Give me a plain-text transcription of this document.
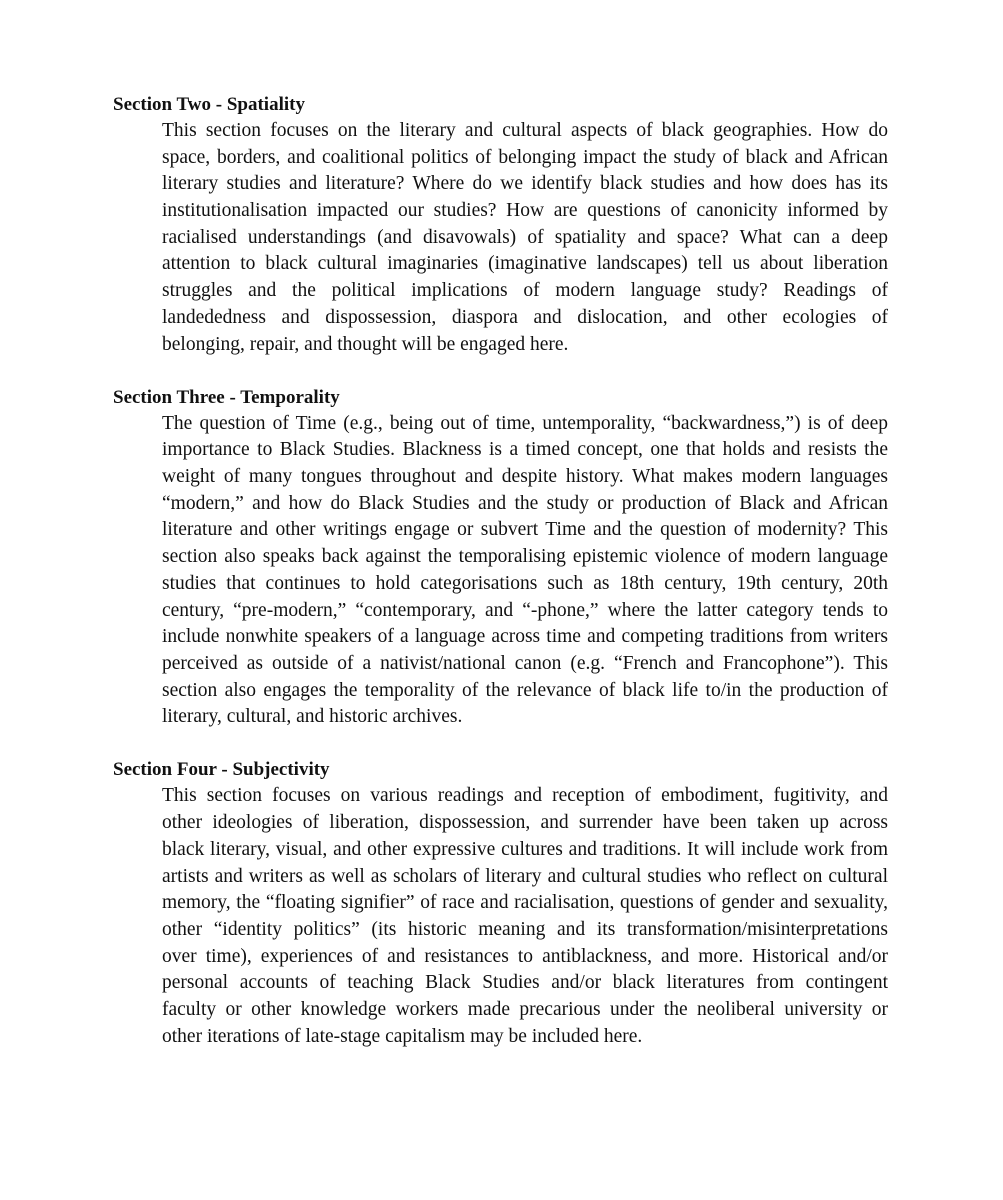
Section Two - Spatiality
This section focuses on the literary and cultural aspects of black geographies. How do
space, borders, and coalitional politics of belonging impact the study of black and African
literary studies and literature? Where do we identify black studies and how does has its
institutionalisation impacted our studies? How are questions of canonicity informed by
racialised understandings (and disavowals) of spatiality and space? What can a deep
attention to black cultural imaginaries (imaginative landscapes) tell us about liberation
struggles and the political implications of modern language study? Readings of
landededness and dispossession, diaspora and dislocation, and other ecologies of
belonging, repair, and thought will be engaged here.
Section Three - Temporality
The question of Time (e.g., being out of time, untemporality, “backwardness,”) is of deep
importance to Black Studies. Blackness is a timed concept, one that holds and resists the
weight of many tongues throughout and despite history. What makes modern languages
“modern,” and how do Black Studies and the study or production of Black and African
literature and other writings engage or subvert Time and the question of modernity? This
section also speaks back against the temporalising epistemic violence of modern language
studies that continues to hold categorisations such as 18th century, 19th century, 20th
century, “pre-modern,” “contemporary, and “-phone,” where the latter category tends to
include nonwhite speakers of a language across time and competing traditions from writers
perceived as outside of a nativist/national canon (e.g. “French and Francophone”). This
section also engages the temporality of the relevance of black life to/in the production of
literary, cultural, and historic archives.
Section Four - Subjectivity
This section focuses on various readings and reception of embodiment, fugitivity, and
other ideologies of liberation, dispossession, and surrender have been taken up across
black literary, visual, and other expressive cultures and traditions. It will include work from
artists and writers as well as scholars of literary and cultural studies who reflect on cultural
memory, the “floating signifier” of race and racialisation, questions of gender and sexuality,
other “identity politics” (its historic meaning and its transformation/misinterpretations
over time), experiences of and resistances to antiblackness, and more. Historical and/or
personal accounts of teaching Black Studies and/or black literatures from contingent
faculty or other knowledge workers made precarious under the neoliberal university or
other iterations of late-stage capitalism may be included here.
